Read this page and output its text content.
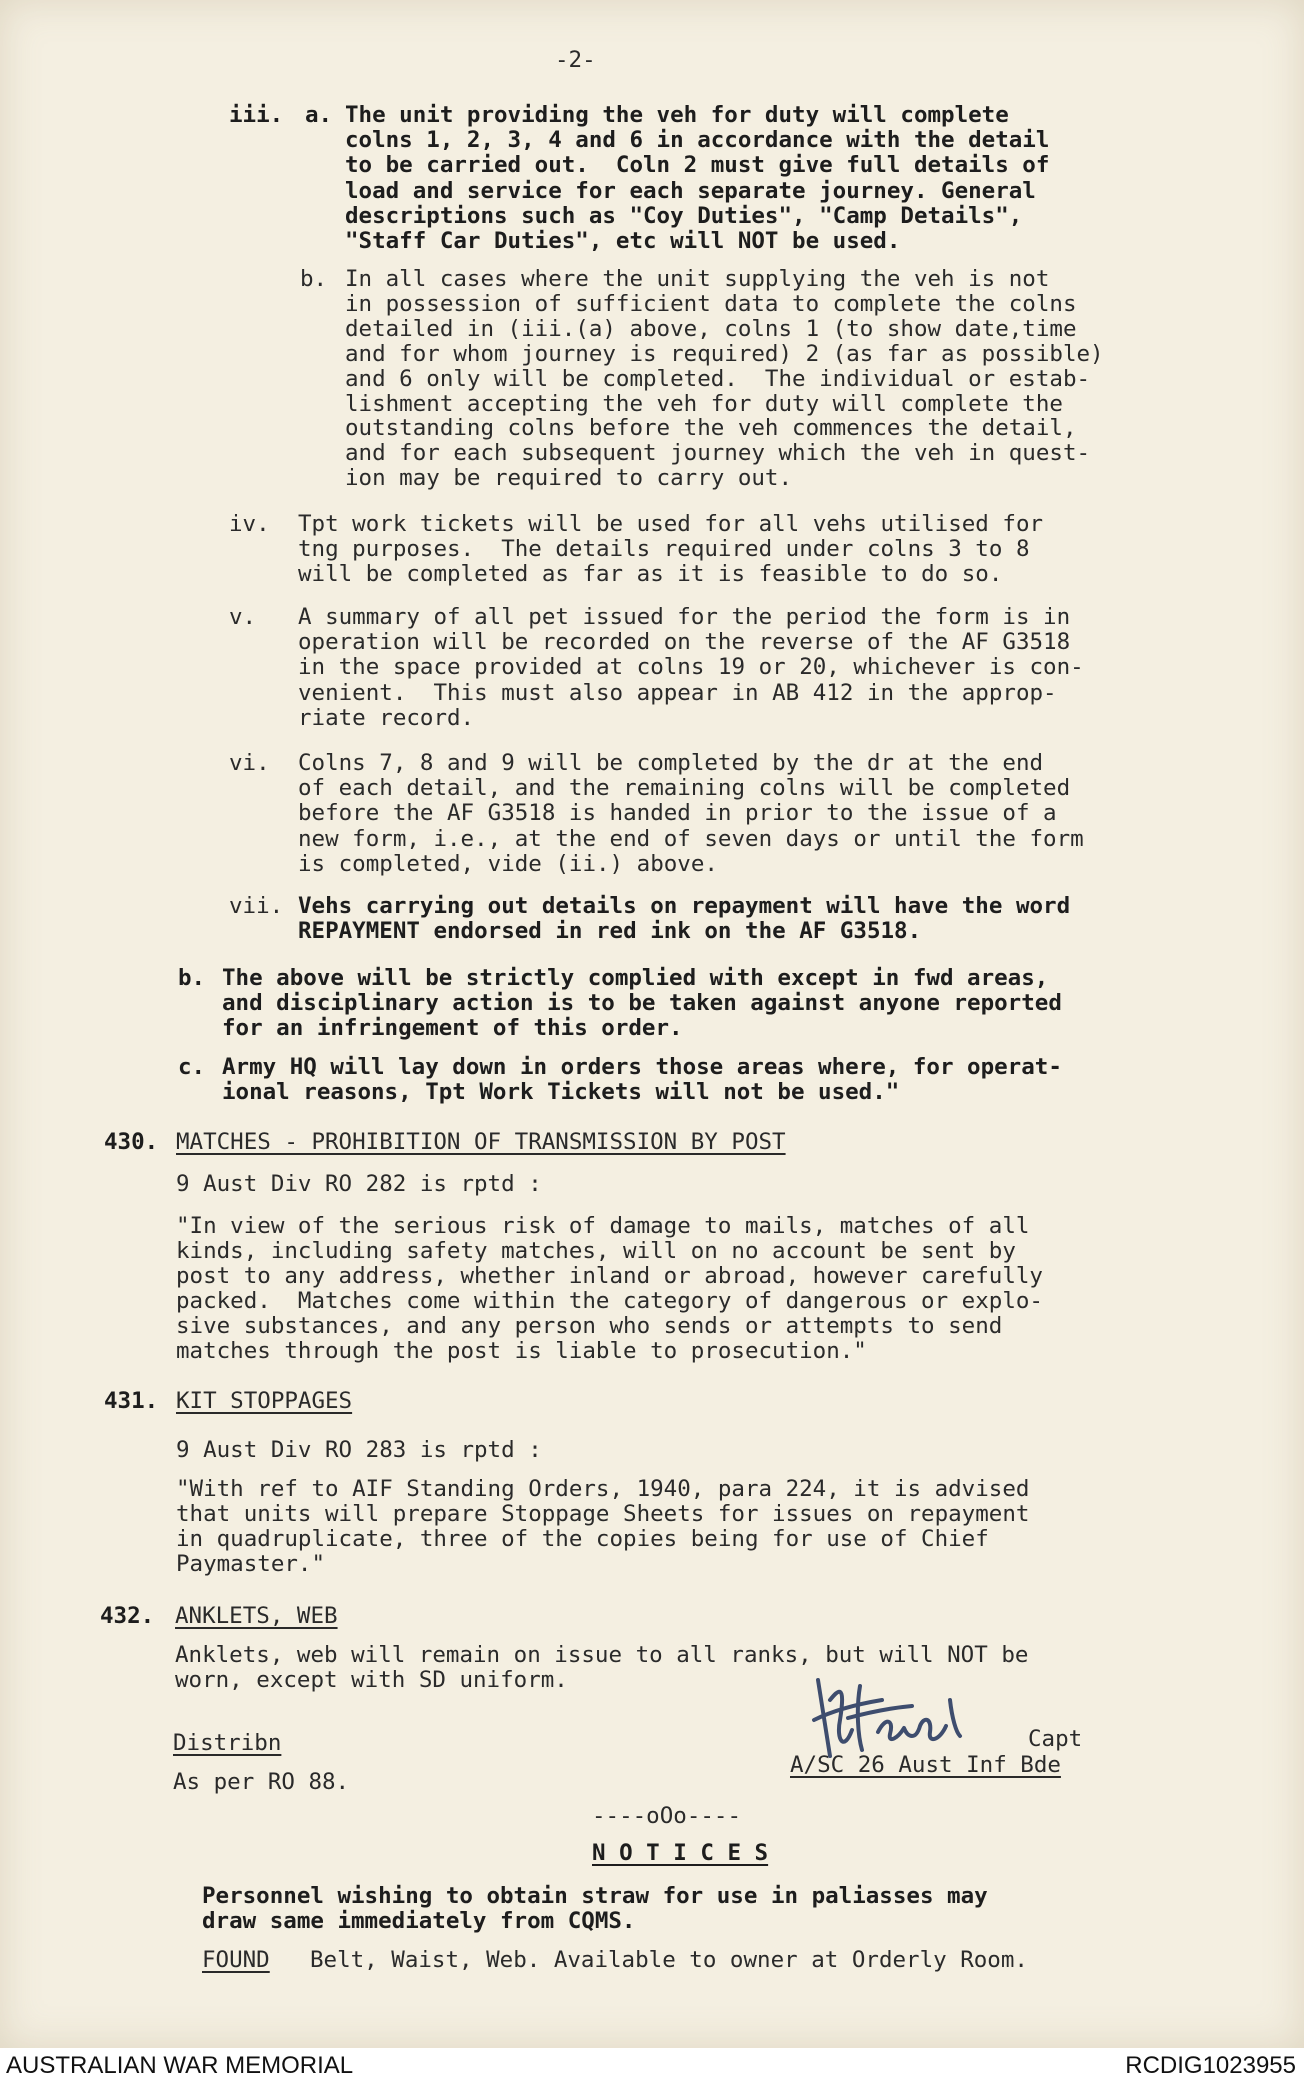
-2-
iii. a. The unit providing the veh for duty will complete
colns 1, 2, 3, 4 and 6 in accordance with the detail
to be carried out.  Coln 2 must give full details of
load and service for each separate journey. General
descriptions such as "Coy Duties", "Camp Details",
"Staff Car Duties", etc will NOT be used.
b. In all cases where the unit supplying the veh is not
in possession of sufficient data to complete the colns
detailed in (iii.(a) above, colns 1 (to show date,time
and for whom journey is required) 2 (as far as possible)
and 6 only will be completed.  The individual or estab-
lishment accepting the veh for duty will complete the
outstanding colns before the veh commences the detail,
and for each subsequent journey which the veh in quest-
ion may be required to carry out.
iv. Tpt work tickets will be used for all vehs utilised for
tng purposes.  The details required under colns 3 to 8
will be completed as far as it is feasible to do so.
v. A summary of all pet issued for the period the form is in
operation will be recorded on the reverse of the AF G3518
in the space provided at colns 19 or 20, whichever is con-
venient.  This must also appear in AB 412 in the approp-
riate record.
vi. Colns 7, 8 and 9 will be completed by the dr at the end
of each detail, and the remaining colns will be completed
before the AF G3518 is handed in prior to the issue of a
new form, i.e., at the end of seven days or until the form
is completed, vide (ii.) above.
vii. Vehs carrying out details on repayment will have the word
REPAYMENT endorsed in red ink on the AF G3518.
b. The above will be strictly complied with except in fwd areas,
and disciplinary action is to be taken against anyone reported
for an infringement of this order.
c. Army HQ will lay down in orders those areas where, for operat-
ional reasons, Tpt Work Tickets will not be used."
430. MATCHES - PROHIBITION OF TRANSMISSION BY POST
9 Aust Div RO 282 is rptd :
"In view of the serious risk of damage to mails, matches of all
kinds, including safety matches, will on no account be sent by
post to any address, whether inland or abroad, however carefully
packed.  Matches come within the category of dangerous or explo-
sive substances, and any person who sends or attempts to send
matches through the post is liable to prosecution."
431. KIT STOPPAGES
9 Aust Div RO 283 is rptd :
"With ref to AIF Standing Orders, 1940, para 224, it is advised
that units will prepare Stoppage Sheets for issues on repayment
in quadruplicate, three of the copies being for use of Chief
Paymaster."
432. ANKLETS, WEB
Anklets, web will remain on issue to all ranks, but will NOT be
worn, except with SD uniform.
Distribn
As per RO 88.
Capt
A/SC 26 Aust Inf Bde
----oOo----
N O T I C E S
Personnel wishing to obtain straw for use in paliasses may
draw same immediately from CQMS.
FOUND Belt, Waist, Web. Available to owner at Orderly Room.
AUSTRALIAN WAR MEMORIAL	RCDIG1023955
